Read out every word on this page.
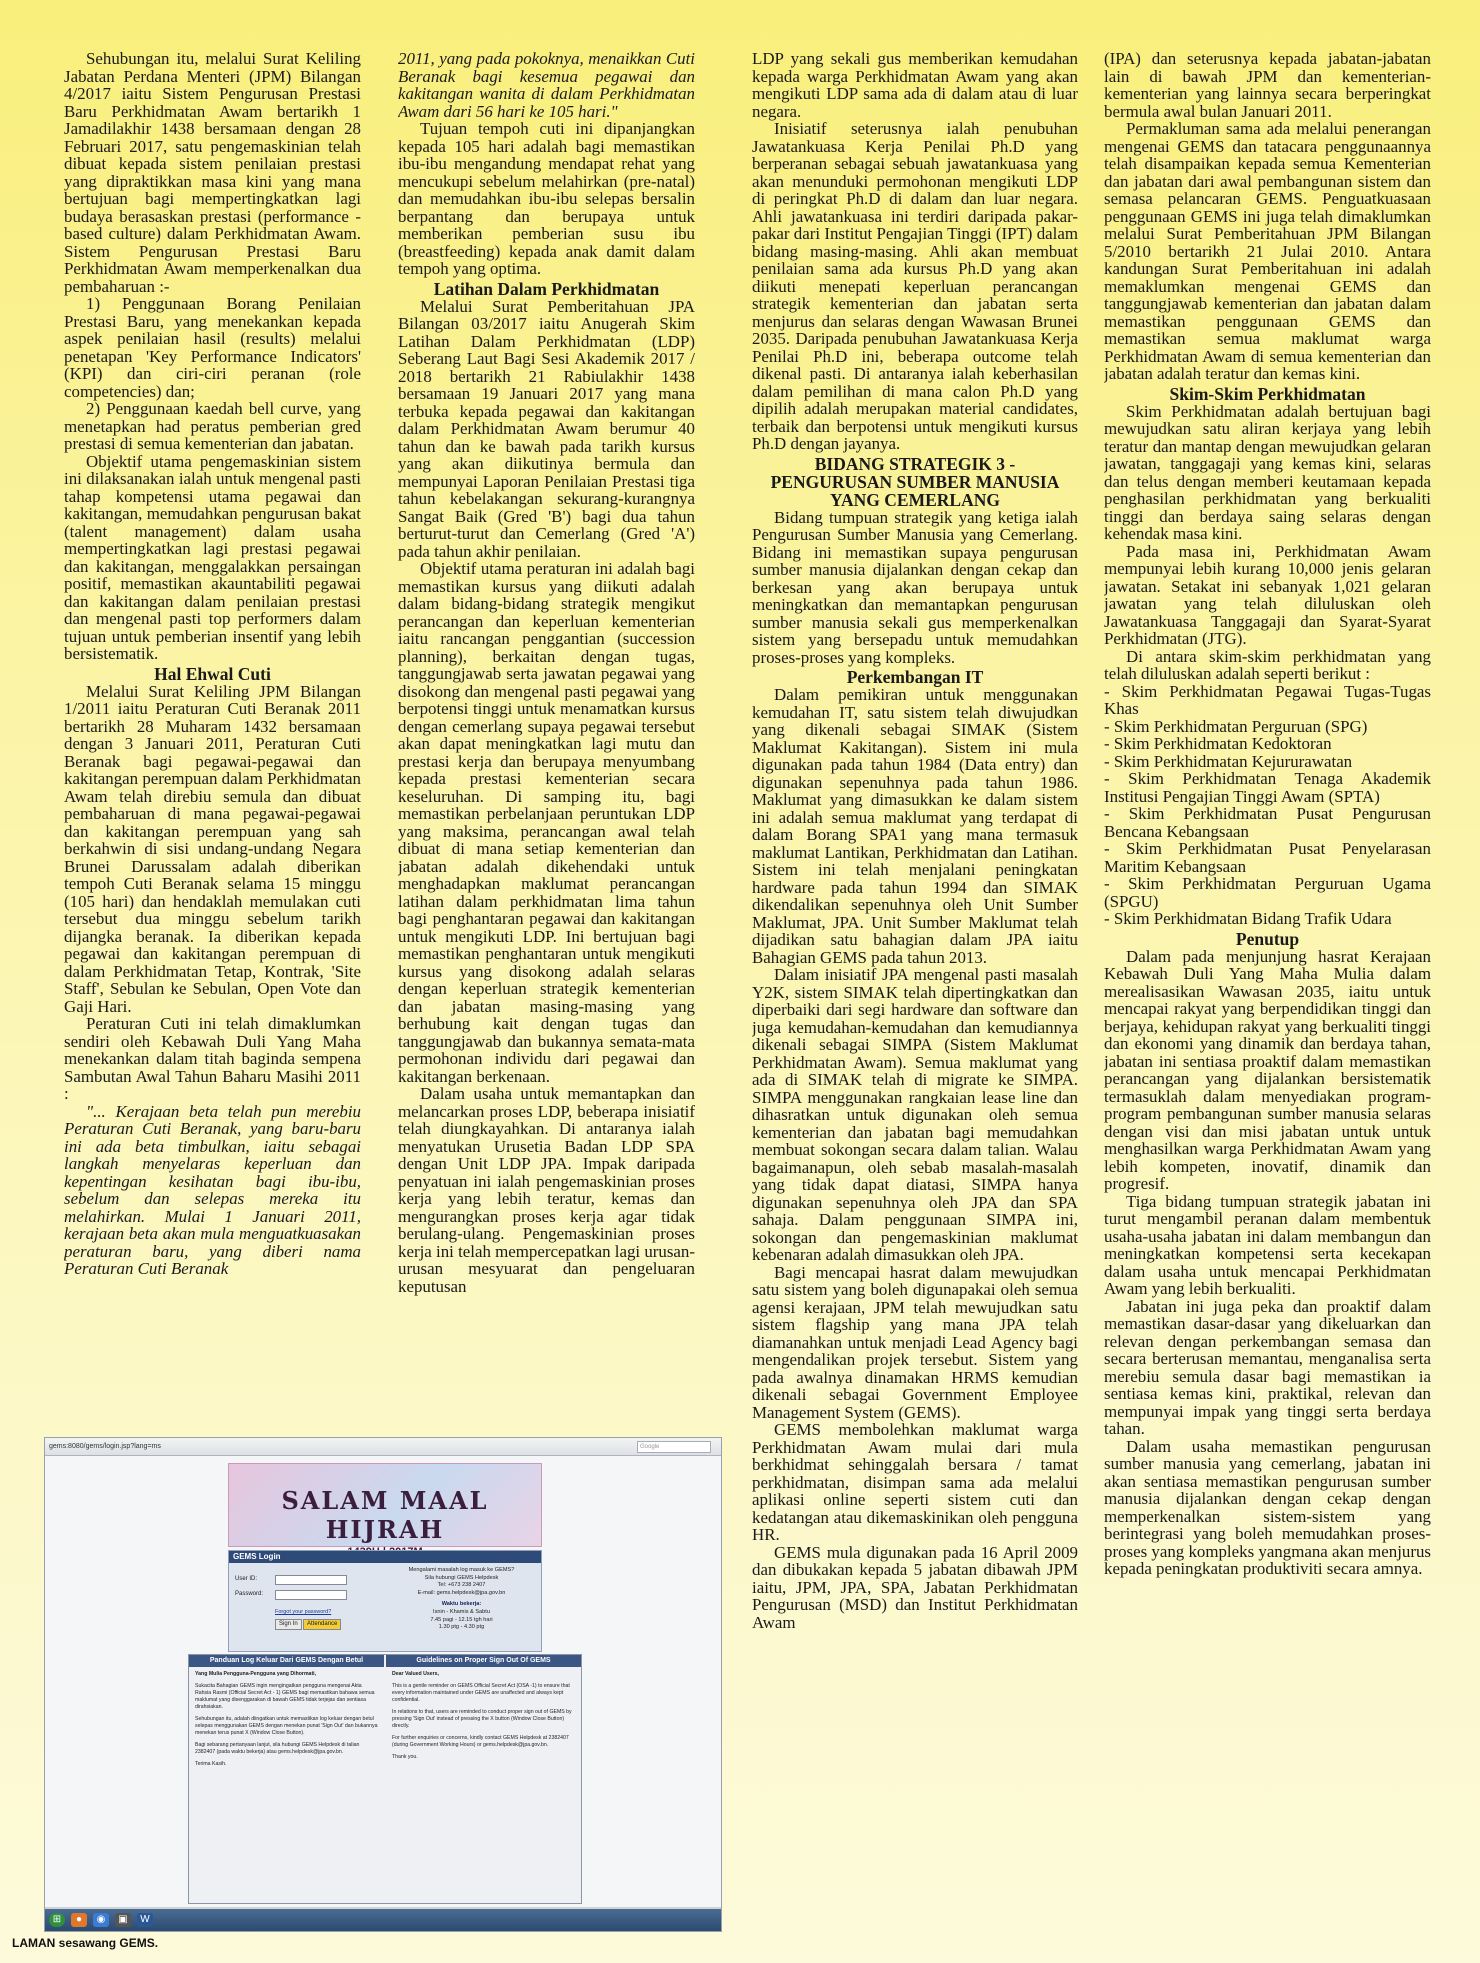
Sehubungan itu, melalui Surat Keliling Jabatan Perdana Menteri (JPM) Bilangan 4/2017 iaitu Sistem Pengurusan Prestasi Baru Perkhidmatan Awam bertarikh 1 Jamadilakhir 1438 bersamaan dengan 28 Februari 2017, satu pengemaskinian telah dibuat kepada sistem penilaian prestasi yang dipraktikkan masa kini yang mana bertujuan bagi mempertingkatkan lagi budaya berasaskan prestasi (performance - based culture) dalam Perkhidmatan Awam. Sistem Pengurusan Prestasi Baru Perkhidmatan Awam memperkenalkan dua pembaharuan :-

1) Penggunaan Borang Penilaian Prestasi Baru, yang menekankan kepada aspek penilaian hasil (results) melalui penetapan 'Key Performance Indicators' (KPI) dan ciri-ciri peranan (role competencies) dan;

2) Penggunaan kaedah bell curve, yang menetapkan had peratus pemberian gred prestasi di semua kementerian dan jabatan.

Objektif utama pengemaskinian sistem ini dilaksanakan ialah untuk mengenal pasti tahap kompetensi utama pegawai dan kakitangan, memudahkan pengurusan bakat (talent management) dalam usaha mempertingkatkan lagi prestasi pegawai dan kakitangan, menggalakkan persaingan positif, memastikan akauntabiliti pegawai dan kakitangan dalam penilaian prestasi dan mengenal pasti top performers dalam tujuan untuk pemberian insentif yang lebih bersistematik.

Hal Ehwal Cuti

Melalui Surat Keliling JPM Bilangan 1/2011 iaitu Peraturan Cuti Beranak 2011 bertarikh 28 Muharam 1432 bersamaan dengan 3 Januari 2011, Peraturan Cuti Beranak bagi pegawai-pegawai dan kakitangan perempuan dalam Perkhidmatan Awam telah direbiu semula dan dibuat pembaharuan di mana pegawai-pegawai dan kakitangan perempuan yang sah berkahwin di sisi undang-undang Negara Brunei Darussalam adalah diberikan tempoh Cuti Beranak selama 15 minggu (105 hari) dan hendaklah memulakan cuti tersebut dua minggu sebelum tarikh dijangka beranak. Ia diberikan kepada pegawai dan kakitangan perempuan di dalam Perkhidmatan Tetap, Kontrak, 'Site Staff', Sebulan ke Sebulan, Open Vote dan Gaji Hari.

Peraturan Cuti ini telah dimaklumkan sendiri oleh Kebawah Duli Yang Maha menekankan dalam titah baginda sempena Sambutan Awal Tahun Baharu Masihi 2011 :

"... Kerajaan beta telah pun merebiu Peraturan Cuti Beranak, yang baru-baru ini ada beta timbulkan, iaitu sebagai langkah menyelaras keperluan dan kepentingan kesihatan bagi ibu-ibu, sebelum dan selepas mereka itu melahirkan. Mulai 1 Januari 2011, kerajaan beta akan mula menguatkuasakan peraturan baru, yang diberi nama Peraturan Cuti Beranak

2011, yang pada pokoknya, menaikkan Cuti Beranak bagi kesemua pegawai dan kakitangan wanita di dalam Perkhidmatan Awam dari 56 hari ke 105 hari."

Tujuan tempoh cuti ini dipanjangkan kepada 105 hari adalah bagi memastikan ibu-ibu mengandung mendapat rehat yang mencukupi sebelum melahirkan (pre-natal) dan memudahkan ibu-ibu selepas bersalin berpantang dan berupaya untuk memberikan pemberian susu ibu (breastfeeding) kepada anak damit dalam tempoh yang optima.

Latihan Dalam Perkhidmatan

Melalui Surat Pemberitahuan JPA Bilangan 03/2017 iaitu Anugerah Skim Latihan Dalam Perkhidmatan (LDP) Seberang Laut Bagi Sesi Akademik 2017 / 2018 bertarikh 21 Rabiulakhir 1438 bersamaan 19 Januari 2017 yang mana terbuka kepada pegawai dan kakitangan dalam Perkhidmatan Awam berumur 40 tahun dan ke bawah pada tarikh kursus yang akan diikutinya bermula dan mempunyai Laporan Penilaian Prestasi tiga tahun kebelakangan sekurang-kurangnya Sangat Baik (Gred 'B') bagi dua tahun berturut-turut dan Cemerlang (Gred 'A') pada tahun akhir penilaian.

Objektif utama peraturan ini adalah bagi memastikan kursus yang diikuti adalah dalam bidang-bidang strategik mengikut perancangan dan keperluan kementerian iaitu rancangan penggantian (succession planning), berkaitan dengan tugas, tanggungjawab serta jawatan pegawai yang disokong dan mengenal pasti pegawai yang berpotensi tinggi untuk menamatkan kursus dengan cemerlang supaya pegawai tersebut akan dapat meningkatkan lagi mutu dan prestasi kerja dan berupaya menyumbang kepada prestasi kementerian secara keseluruhan. Di samping itu, bagi memastikan perbelanjaan peruntukan LDP yang maksima, perancangan awal telah dibuat di mana setiap kementerian dan jabatan adalah dikehendaki untuk menghadapkan maklumat perancangan latihan dalam perkhidmatan lima tahun bagi penghantaran pegawai dan kakitangan untuk mengikuti LDP. Ini bertujuan bagi memastikan penghantaran untuk mengikuti kursus yang disokong adalah selaras dengan keperluan strategik kementerian dan jabatan masing-masing yang berhubung kait dengan tugas dan tanggungjawab dan bukannya semata-mata permohonan individu dari pegawai dan kakitangan berkenaan.

Dalam usaha untuk memantapkan dan melancarkan proses LDP, beberapa inisiatif telah diungkayahkan. Di antaranya ialah menyatukan Urusetia Badan LDP SPA dengan Unit LDP JPA. Impak daripada penyatuan ini ialah pengemaskinian proses kerja yang lebih teratur, kemas dan mengurangkan proses kerja agar tidak berulang-ulang. Pengemaskinian proses kerja ini telah mempercepatkan lagi urusan-urusan mesyuarat dan pengeluaran keputusan

LDP yang sekali gus memberikan kemudahan kepada warga Perkhidmatan Awam yang akan mengikuti LDP sama ada di dalam atau di luar negara.

Inisiatif seterusnya ialah penubuhan Jawatankuasa Kerja Penilai Ph.D yang berperanan sebagai sebuah jawatankuasa yang akan menunduki permohonan mengikuti LDP di peringkat Ph.D di dalam dan luar negara. Ahli jawatankuasa ini terdiri daripada pakar-pakar dari Institut Pengajian Tinggi (IPT) dalam bidang masing-masing. Ahli akan membuat penilaian sama ada kursus Ph.D yang akan diikuti menepati keperluan perancangan strategik kementerian dan jabatan serta menjurus dan selaras dengan Wawasan Brunei 2035. Daripada penubuhan Jawatankuasa Kerja Penilai Ph.D ini, beberapa outcome telah dikenal pasti. Di antaranya ialah keberhasilan dalam pemilihan di mana calon Ph.D yang dipilih adalah merupakan material candidates, terbaik dan berpotensi untuk mengikuti kursus Ph.D dengan jayanya.

BIDANG STRATEGIK 3 - PENGURUSAN SUMBER MANUSIA YANG CEMERLANG

Bidang tumpuan strategik yang ketiga ialah Pengurusan Sumber Manusia yang Cemerlang. Bidang ini memastikan supaya pengurusan sumber manusia dijalankan dengan cekap dan berkesan yang akan berupaya untuk meningkatkan dan memantapkan pengurusan sumber manusia sekali gus memperkenalkan sistem yang bersepadu untuk memudahkan proses-proses yang kompleks.

Perkembangan IT

Dalam pemikiran untuk menggunakan kemudahan IT, satu sistem telah diwujudkan yang dikenali sebagai SIMAK (Sistem Maklumat Kakitangan). Sistem ini mula digunakan pada tahun 1984 (Data entry) dan digunakan sepenuhnya pada tahun 1986. Maklumat yang dimasukkan ke dalam sistem ini adalah semua maklumat yang terdapat di dalam Borang SPA1 yang mana termasuk maklumat Lantikan, Perkhidmatan dan Latihan. Sistem ini telah menjalani peningkatan hardware pada tahun 1994 dan SIMAK dikendalikan sepenuhnya oleh Unit Sumber Maklumat, JPA. Unit Sumber Maklumat telah dijadikan satu bahagian dalam JPA iaitu Bahagian GEMS pada tahun 2013.

Dalam inisiatif JPA mengenal pasti masalah Y2K, sistem SIMAK telah dipertingkatkan dan diperbaiki dari segi hardware dan software dan juga kemudahan-kemudahan dan kemudiannya dikenali sebagai SIMPA (Sistem Maklumat Perkhidmatan Awam). Semua maklumat yang ada di SIMAK telah di migrate ke SIMPA. SIMPA menggunakan rangkaian lease line dan dihasratkan untuk digunakan oleh semua kementerian dan jabatan bagi memudahkan membuat sokongan secara dalam talian. Walau bagaimanapun, oleh sebab masalah-masalah yang tidak dapat diatasi, SIMPA hanya digunakan sepenuhnya oleh JPA dan SPA sahaja. Dalam penggunaan SIMPA ini, sokongan dan pengemaskinian maklumat kebenaran adalah dimasukkan oleh JPA.

Bagi mencapai hasrat dalam mewujudkan satu sistem yang boleh digunapakai oleh semua agensi kerajaan, JPM telah mewujudkan satu sistem flagship yang mana JPA telah diamanahkan untuk menjadi Lead Agency bagi mengendalikan projek tersebut. Sistem yang pada awalnya dinamakan HRMS kemudian dikenali sebagai Government Employee Management System (GEMS).

GEMS membolehkan maklumat warga Perkhidmatan Awam mulai dari mula berkhidmat sehinggalah bersara / tamat perkhidmatan, disimpan sama ada melalui aplikasi online seperti sistem cuti dan kedatangan atau dikemaskinikan oleh pengguna HR.

GEMS mula digunakan pada 16 April 2009 dan dibukakan kepada 5 jabatan dibawah JPM iaitu, JPM, JPA, SPA, Jabatan Perkhidmatan Pengurusan (MSD) dan Institut Perkhidmatan Awam

(IPA) dan seterusnya kepada jabatan-jabatan lain di bawah JPM dan kementerian-kementerian yang lainnya secara berperingkat bermula awal bulan Januari 2011.

Permakluman sama ada melalui penerangan mengenai GEMS dan tatacara penggunaannya telah disampaikan kepada semua Kementerian dan jabatan dari awal pembangunan sistem dan semasa pelancaran GEMS. Penguatkuasaan penggunaan GEMS ini juga telah dimaklumkan melalui Surat Pemberitahuan JPM Bilangan 5/2010 bertarikh 21 Julai 2010. Antara kandungan Surat Pemberitahuan ini adalah memaklumkan mengenai GEMS dan tanggungjawab kementerian dan jabatan dalam memastikan penggunaan GEMS dan memastikan semua maklumat warga Perkhidmatan Awam di semua kementerian dan jabatan adalah teratur dan kemas kini.

Skim-Skim Perkhidmatan

Skim Perkhidmatan adalah bertujuan bagi mewujudkan satu aliran kerjaya yang lebih teratur dan mantap dengan mewujudkan gelaran jawatan, tanggagaji yang kemas kini, selaras dan telus dengan memberi keutamaan kepada penghasilan perkhidmatan yang berkualiti tinggi dan berdaya saing selaras dengan kehendak masa kini.

Pada masa ini, Perkhidmatan Awam mempunyai lebih kurang 10,000 jenis gelaran jawatan. Setakat ini sebanyak 1,021 gelaran jawatan yang telah diluluskan oleh Jawatankuasa Tanggagaji dan Syarat-Syarat Perkhidmatan (JTG).

Di antara skim-skim perkhidmatan yang telah diluluskan adalah seperti berikut :

- Skim Perkhidmatan Pegawai Tugas-Tugas Khas

- Skim Perkhidmatan Perguruan (SPG)

- Skim Perkhidmatan Kedoktoran

- Skim Perkhidmatan Kejururawatan

- Skim Perkhidmatan Tenaga Akademik Institusi Pengajian Tinggi Awam (SPTA)

- Skim Perkhidmatan Pusat Pengurusan Bencana Kebangsaan

- Skim Perkhidmatan Pusat Penyelarasan Maritim Kebangsaan

- Skim Perkhidmatan Perguruan Ugama (SPGU)

- Skim Perkhidmatan Bidang Trafik Udara

Penutup

Dalam pada menjunjung hasrat Kerajaan Kebawah Duli Yang Maha Mulia dalam merealisasikan Wawasan 2035, iaitu untuk mencapai rakyat yang berpendidikan tinggi dan berjaya, kehidupan rakyat yang berkualiti tinggi dan ekonomi yang dinamik dan berdaya tahan, jabatan ini sentiasa proaktif dalam memastikan perancangan yang dijalankan bersistematik termasuklah dalam menyediakan program-program pembangunan sumber manusia selaras dengan visi dan misi jabatan untuk untuk menghasilkan warga Perkhidmatan Awam yang lebih kompeten, inovatif, dinamik dan progresif.

Tiga bidang tumpuan strategik jabatan ini turut mengambil peranan dalam membentuk usaha-usaha jabatan ini dalam membangun dan meningkatkan kompetensi serta kecekapan dalam usaha untuk mencapai Perkhidmatan Awam yang lebih berkualiti.

Jabatan ini juga peka dan proaktif dalam memastikan dasar-dasar yang dikeluarkan dan relevan dengan perkembangan semasa dan secara berterusan memantau, menganalisa serta merebiu semula dasar bagi memastikan ia sentiasa kemas kini, praktikal, relevan dan mempunyai impak yang tinggi serta berdaya tahan.

Dalam usaha memastikan pengurusan sumber manusia yang cemerlang, jabatan ini akan sentiasa memastikan pengurusan sumber manusia dijalankan dengan cekap dengan memperkenalkan sistem-sistem yang berintegrasi yang boleh memudahkan proses-proses yang kompleks yangmana akan menjurus kepada peningkatan produktiviti secara amnya.

gems:8080/gems/login.jsp?lang=ms	Google
SALAM MAAL HIJRAH
GEMS Login
User ID:
Password:
Forgot your password?
Sign In	Attendance
Mengalami masalah log masuk ke GEMS?
Sila hubungi GEMS Helpdesk
Tel: +673 238 2407
E-mail: gems.helpdesk@jpa.gov.bn
Waktu bekerja:
Isnin - Khamis & Sabtu
7.45 pagi - 12.15 tgh hari
1.30 ptg - 4.30 ptg
Panduan Log Keluar Dari GEMS Dengan Betul	Guidelines on Proper Sign Out Of GEMS

Yang Mulia Pengguna-Pengguna yang Dihormati,

Sukacita Bahagian GEMS ingin mengingatkan pengguna mengenai Akta Rahsia Rasmi (Official Secret Act - 1) GEMS bagi memastikan bahawa semua maklumat yang disenggarakan di bawah GEMS tidak terjejas dan sentiasa dirahsiakan.

Sehubungan itu, adalah diingatkan untuk memastikan log keluar dengan betul selepas menggunakan GEMS dengan menekan punat 'Sign Out' dan bukannya menekan terus punat X (Window Close Button).

Bagi sebarang pertanyaan lanjut, sila hubungi GEMS Helpdesk di talian 2382407 (pada waktu bekerja) atau gems.helpdesk@jpa.gov.bn.

Terima Kasih.

Dear Valued Users,

This is a gentle reminder on GEMS Official Secret Act (OSA -1) to ensure that every information maintained under GEMS are unaffected and always kept confidential.

In relations to that, users are reminded to conduct proper sign out of GEMS by pressing 'Sign Out' instead of pressing the X button (Window Close Button) directly.

For further enquiries or concerns, kindly contact GEMS Helpdesk at 2382407 (during Government Working Hours) or gems.helpdesk@jpa.gov.bn.

Thank you.

⊞	●	◉	▣	W
LAMAN sesawang GEMS.
